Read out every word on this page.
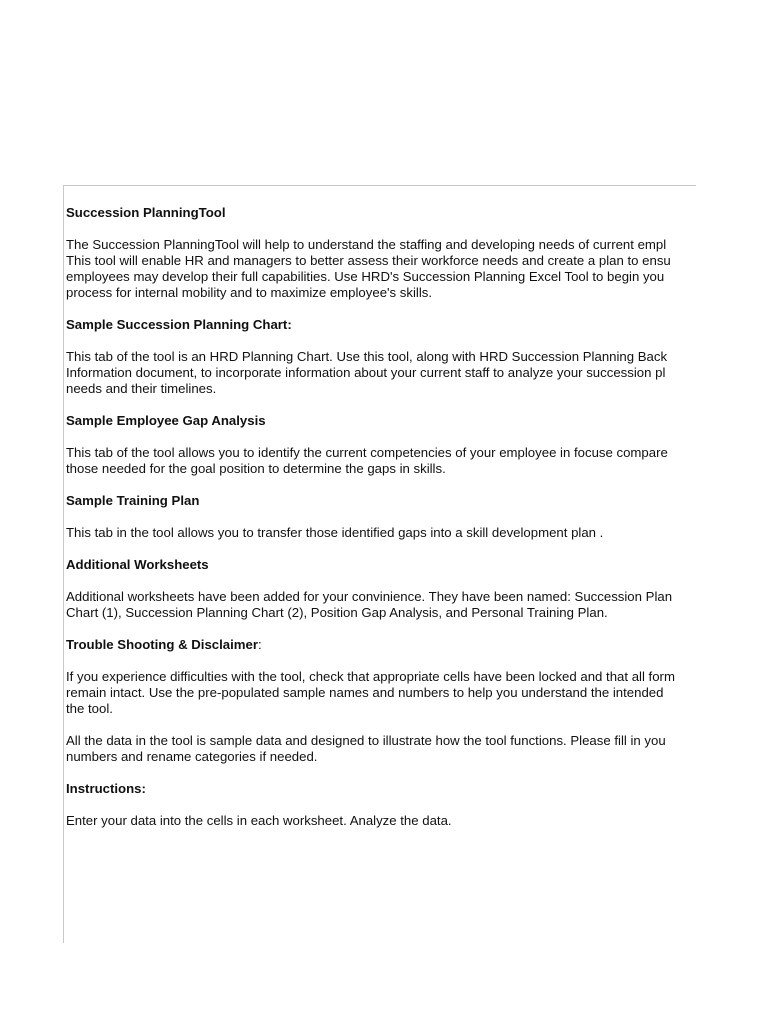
Succession PlanningTool

The Succession PlanningTool will help to understand the staffing and developing needs of current empl
This tool will enable HR and managers to better assess their workforce needs and create a plan to ensu
employees may develop their full capabilities. Use HRD's Succession Planning Excel Tool to begin you
process for internal mobility and to maximize employee's skills.

Sample Succession Planning Chart:

This tab of the tool is an HRD Planning Chart. Use this tool, along with HRD Succession Planning Back
Information document, to incorporate information about your current staff to analyze your succession pl
needs and their timelines.

Sample Employee Gap Analysis

This tab of the tool allows you to identify the current competencies of your employee in focuse compare
those needed for the goal position to determine the gaps in skills.

Sample Training Plan

This tab in the tool allows you to transfer those identified gaps into a skill development plan .

Additional Worksheets

Additional worksheets have been added for your convinience. They have been named: Succession Plan
Chart (1), Succession Planning Chart (2), Position Gap Analysis, and Personal Training Plan.

Trouble Shooting & Disclaimer:

If you experience difficulties with the tool, check that appropriate cells have been locked and that all form
remain intact. Use the pre-populated sample names and numbers to help you understand the intended
the tool.

All the data in the tool is sample data and designed to illustrate how the tool functions. Please fill in you
numbers and rename categories if needed.

Instructions:

Enter your data into the cells in each worksheet. Analyze the data.
